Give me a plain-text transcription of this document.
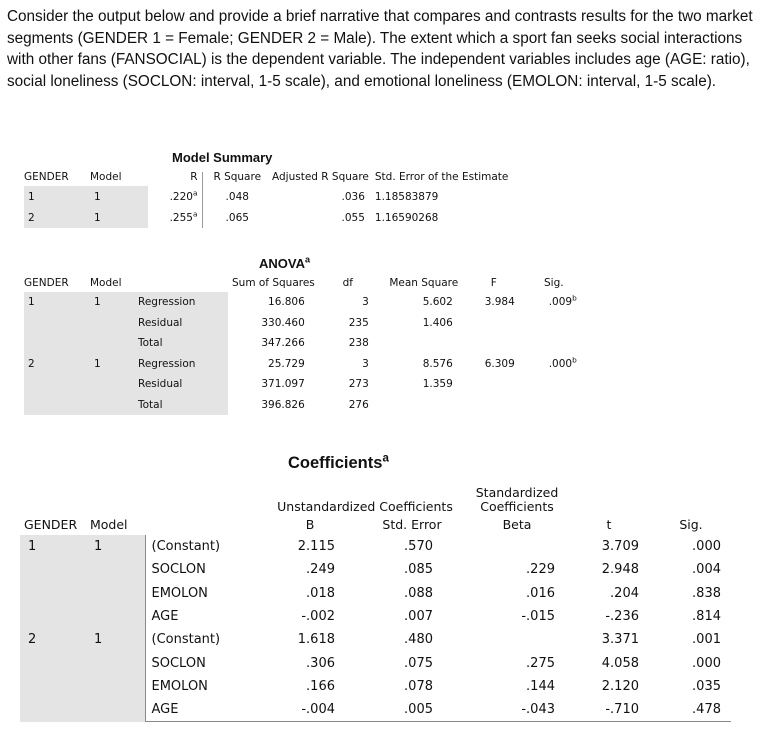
Consider the output below and provide a brief narrative that compares and contrasts results for the two market segments (GENDER 1 = Female; GENDER 2 = Male). The extent which a sport fan seeks social interactions with other fans (FANSOCIAL) is the dependent variable. The independent variables includes age (AGE: ratio), social loneliness (SOCLON: interval, 1-5 scale), and emotional loneliness (EMOLON: interval, 1-5 scale).

Model Summary
GENDER	Model	R	R Square	Adjusted R Square	Std. Error of the Estimate
1	1	.220$^a$	.048	.036	1.18583879
2	1	.255$^a$	.065	.055	1.16590268
ANOVA$^a$
GENDER	Model		Sum of Squares	df	Mean Square	F	Sig.
1	1	Regression	16.806	3	5.602	3.984	.009$^b$
		Residual	330.460	235	1.406		
		Total	347.266	238			
2	1	Regression	25.729	3	8.576	6.309	.000$^b$
		Residual	371.097	273	1.359		
		Total	396.826	276			
Coefficients$^a$
			Unstandardized Coefficients		Standardized Coefficients		
GENDER	Model		B	Std. Error	Beta	t	Sig.
1	1	(Constant)	2.115	.570		3.709	.000
		SOCLON	.249	.085	.229	2.948	.004
		EMOLON	.018	.088	.016	.204	.838
		AGE	-.002	.007	-.015	-.236	.814
2	1	(Constant)	1.618	.480		3.371	.001
		SOCLON	.306	.075	.275	4.058	.000
		EMOLON	.166	.078	.144	2.120	.035
		AGE	-.004	.005	-.043	-.710	.478
